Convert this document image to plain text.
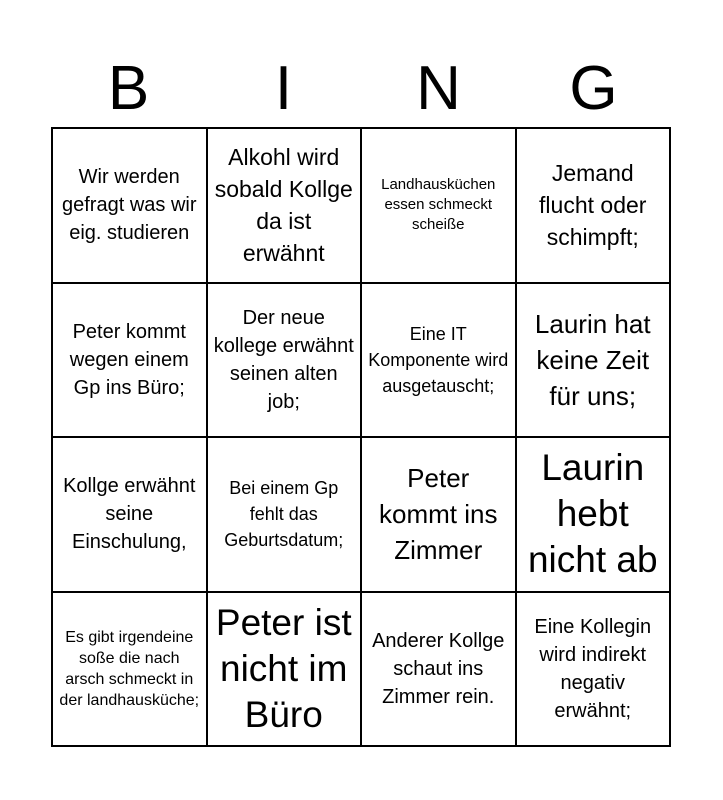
B	I	N	G
Wir werden gefragt was wir eig. studieren
Alkohl wird sobald Kollge da ist erwähnt
Landhausküchen essen schmeckt scheiße
Jemand flucht oder schimpft;
Peter kommt wegen einem Gp ins Büro;
Der neue kollege erwähnt seinen alten job;
Eine IT Komponente wird ausgetauscht;
Laurin hat keine Zeit für uns;
Kollge erwähnt seine Einschulung,
Bei einem Gp fehlt das Geburtsdatum;
Peter kommt ins Zimmer
Laurin hebt nicht ab
Es gibt irgendeine soße die nach arsch schmeckt in der landhausküche;
Peter ist nicht im Büro
Anderer Kollge schaut ins Zimmer rein.
Eine Kollegin wird indirekt negativ erwähnt;
